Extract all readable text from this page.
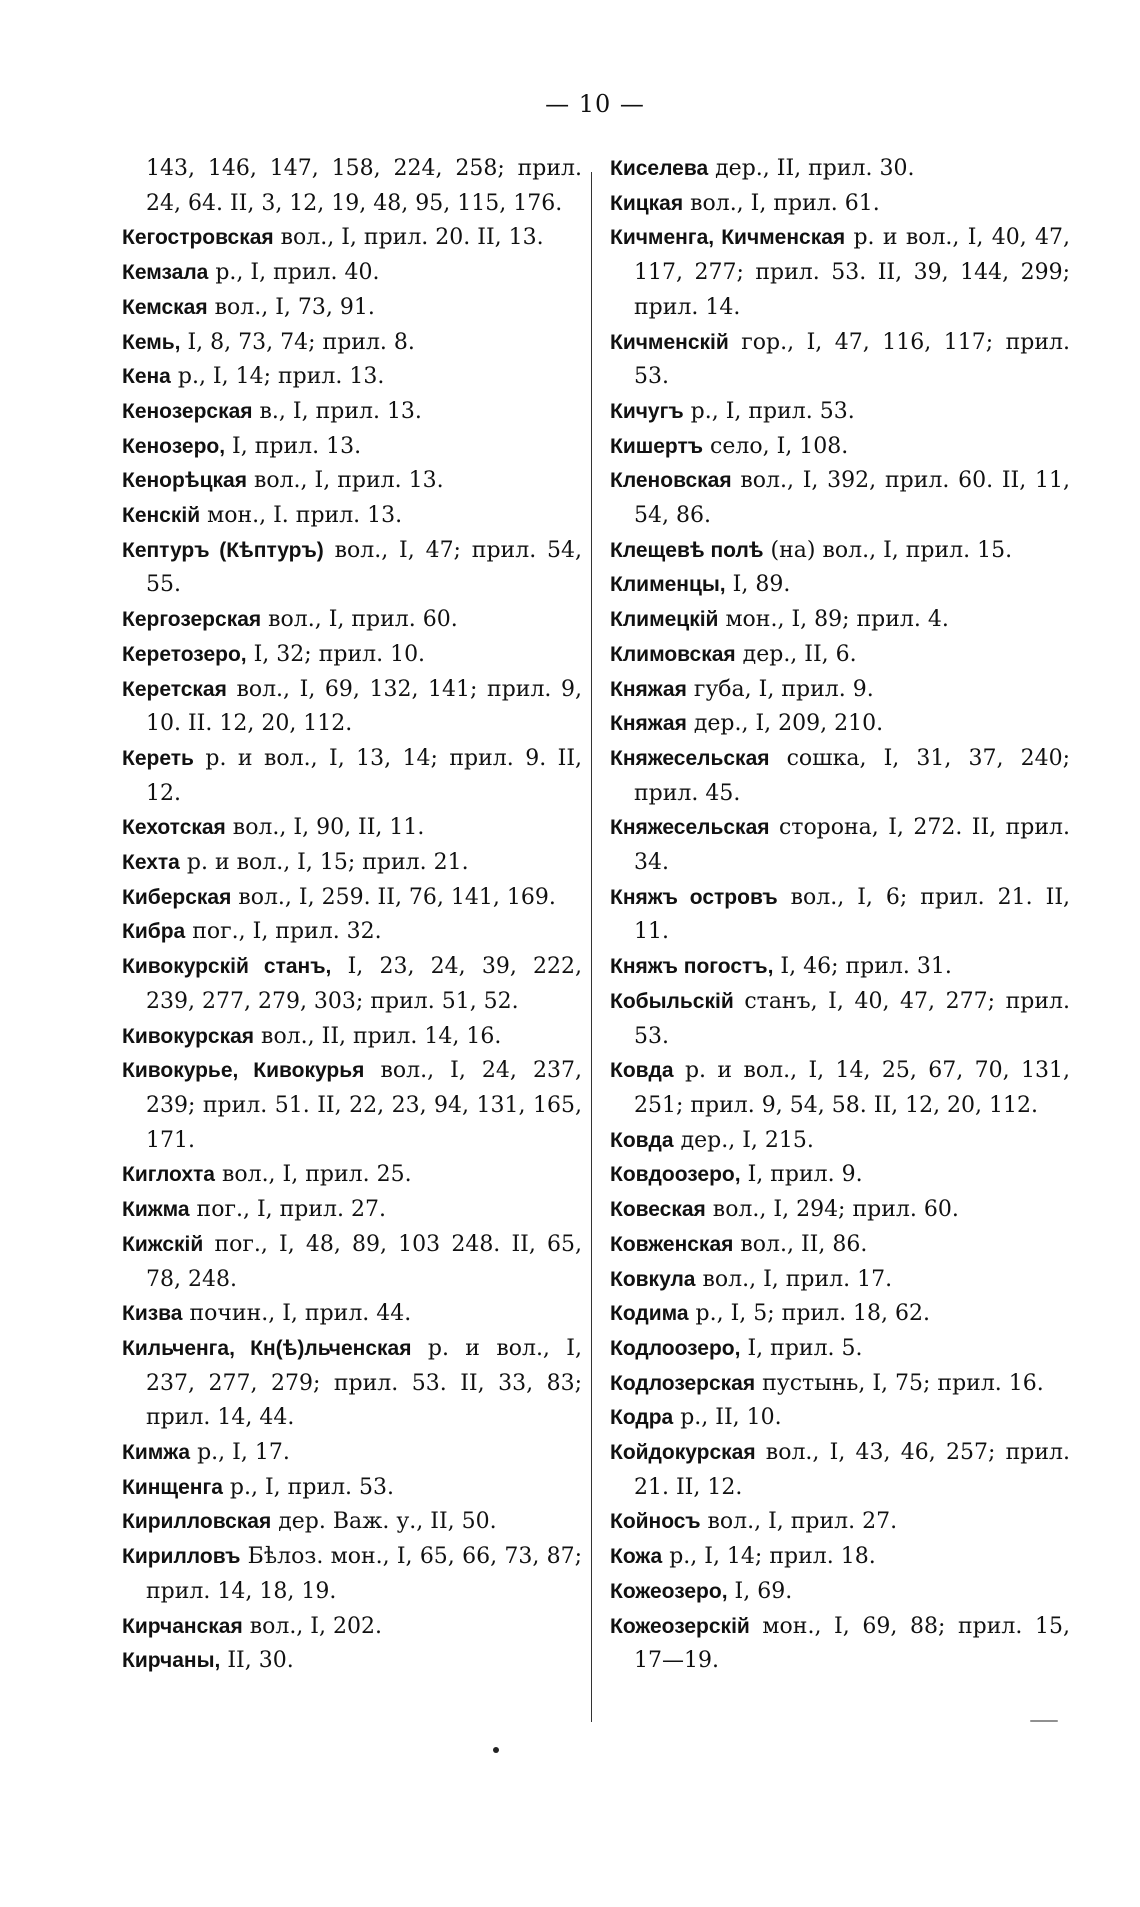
— 10 —

143, 146, 147, 158, 224, 258; прил. 24, 64. II, 3, 12, 19, 48, 95, 115, 176.

Кегостровская вол., I, прил. 20. II, 13.

Кемзала р., I, прил. 40.

Кемская вол., I, 73, 91.

Кемь, I, 8, 73, 74; прил. 8.

Кена р., I, 14; прил. 13.

Кенозерская в., I, прил. 13.

Кенозеро, I, прил. 13.

Кенорѣцкая вол., I, прил. 13.

Кенскій мон., I. прил. 13.

Кептуръ (Кѣптуръ) вол., I, 47; прил. 54, 55.

Кергозерская вол., I, прил. 60.

Керетозеро, I, 32; прил. 10.

Керетская вол., I, 69, 132, 141; прил. 9, 10. II. 12, 20, 112.

Кереть р. и вол., I, 13, 14; прил. 9. II, 12.

Кехотская вол., I, 90, II, 11.

Кехта р. и вол., I, 15; прил. 21.

Киберская вол., I, 259. II, 76, 141, 169.

Кибра пог., I, прил. 32.

Кивокурскій станъ, I, 23, 24, 39, 222, 239, 277, 279, 303; прил. 51, 52.

Кивокурская вол., II, прил. 14, 16.

Кивокурье, Кивокурья вол., I, 24, 237, 239; прил. 51. II, 22, 23, 94, 131, 165, 171.

Киглохта вол., I, прил. 25.

Кижма пог., I, прил. 27.

Кижскій пог., I, 48, 89, 103 248. II, 65, 78, 248.

Кизва почин., I, прил. 44.

Кильченга, Кн(ѣ)льченская р. и вол., I, 237, 277, 279; прил. 53. II, 33, 83; прил. 14, 44.

Кимжа р., I, 17.

Кинщенга р., I, прил. 53.

Кирилловская дер. Важ. у., II, 50.

Кирилловъ Бѣлоз. мон., I, 65, 66, 73, 87; прил. 14, 18, 19.

Кирчанская вол., I, 202.

Кирчаны, II, 30.

Киселева дер., II, прил. 30.

Кицкая вол., I, прил. 61.

Кичменга, Кичменская р. и вол., I, 40, 47, 117, 277; прил. 53. II, 39, 144, 299; прил. 14.

Кичменскій гор., I, 47, 116, 117; прил. 53.

Кичугъ р., I, прил. 53.

Кишертъ село, I, 108.

Кленовская вол., I, 392, прил. 60. II, 11, 54, 86.

Клещевѣ полѣ (на) вол., I, прил. 15.

Клименцы, I, 89.

Климецкій мон., I, 89; прил. 4.

Климовская дер., II, 6.

Княжая губа, I, прил. 9.

Княжая дер., I, 209, 210.

Княжесельская сошка, I, 31, 37, 240; прил. 45.

Княжесельская сторона, I, 272. II, прил. 34.

Княжъ островъ вол., I, 6; прил. 21. II, 11.

Княжъ погостъ, I, 46; прил. 31.

Кобыльскій станъ, I, 40, 47, 277; прил. 53.

Ковда р. и вол., I, 14, 25, 67, 70, 131, 251; прил. 9, 54, 58. II, 12, 20, 112.

Ковда дер., I, 215.

Ковдоозеро, I, прил. 9.

Ковеская вол., I, 294; прил. 60.

Ковженская вол., II, 86.

Ковкула вол., I, прил. 17.

Кодима р., I, 5; прил. 18, 62.

Кодлоозеро, I, прил. 5.

Кодлозерская пустынь, I, 75; прил. 16.

Кодра р., II, 10.

Койдокурская вол., I, 43, 46, 257; прил. 21. II, 12.

Койносъ вол., I, прил. 27.

Кожа р., I, 14; прил. 18.

Кожеозеро, I, 69.

Кожеозерскій мон., I, 69, 88; прил. 15, 17—19.
